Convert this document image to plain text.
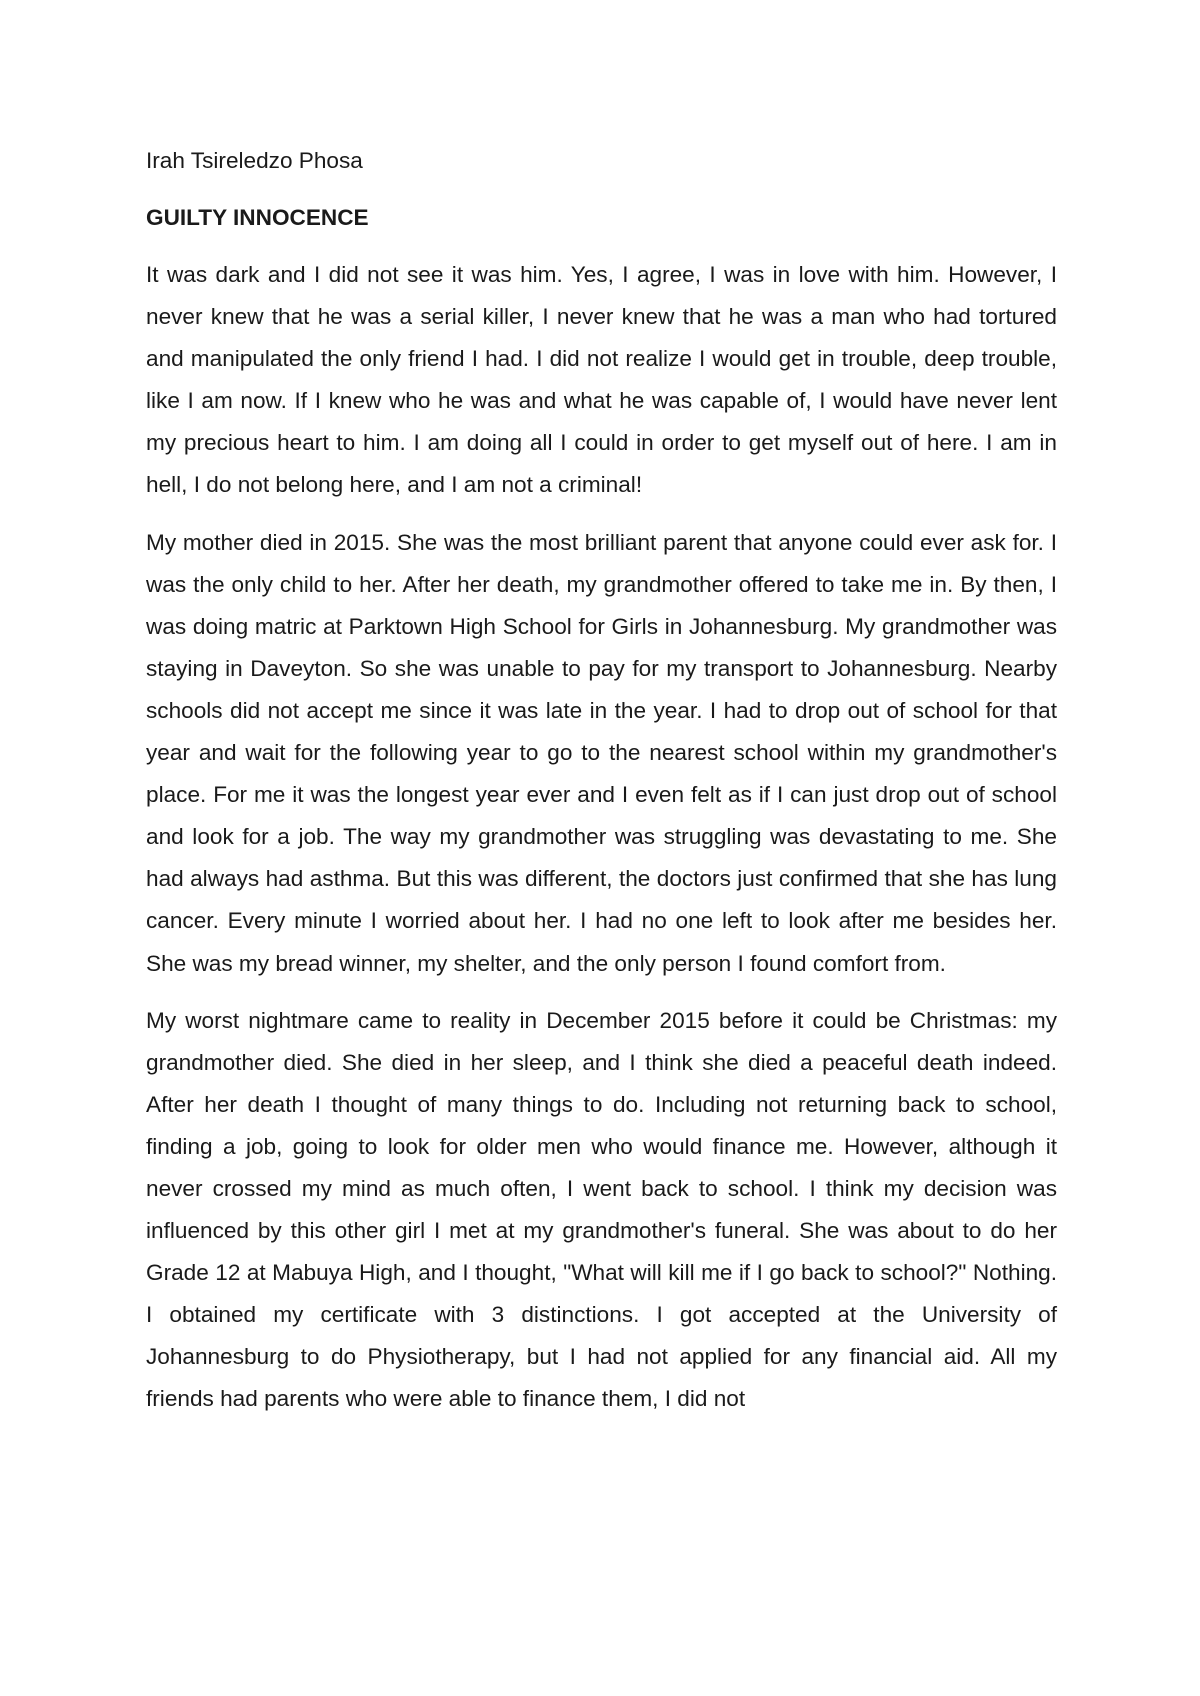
Irah Tsireledzo Phosa

GUILTY INNOCENCE

It was dark and I did not see it was him. Yes, I agree, I was in love with him. However, I never knew that he was a serial killer, I never knew that he was a man who had tortured and manipulated the only friend I had. I did not realize I would get in trouble, deep trouble, like I am now. If I knew who he was and what he was capable of, I would have never lent my precious heart to him. I am doing all I could in order to get myself out of here. I am in hell, I do not belong here, and I am not a criminal!

My mother died in 2015. She was the most brilliant parent that anyone could ever ask for. I was the only child to her. After her death, my grandmother offered to take me in. By then, I was doing matric at Parktown High School for Girls in Johannesburg. My grandmother was staying in Daveyton. So she was unable to pay for my transport to Johannesburg. Nearby schools did not accept me since it was late in the year. I had to drop out of school for that year and wait for the following year to go to the nearest school within my grandmother's place. For me it was the longest year ever and I even felt as if I can just drop out of school and look for a job. The way my grandmother was struggling was devastating to me. She had always had asthma. But this was different, the doctors just confirmed that she has lung cancer. Every minute I worried about her. I had no one left to look after me besides her. She was my bread winner, my shelter, and the only person I found comfort from.

My worst nightmare came to reality in December 2015 before it could be Christmas: my grandmother died. She died in her sleep, and I think she died a peaceful death indeed. After her death I thought of many things to do. Including not returning back to school, finding a job, going to look for older men who would finance me. However, although it never crossed my mind as much often, I went back to school. I think my decision was influenced by this other girl I met at my grandmother's funeral. She was about to do her Grade 12 at Mabuya High, and I thought, "What will kill me if I go back to school?" Nothing. I obtained my certificate with 3 distinctions. I got accepted at the University of Johannesburg to do Physiotherapy, but I had not applied for any financial aid. All my friends had parents who were able to finance them, I did not
